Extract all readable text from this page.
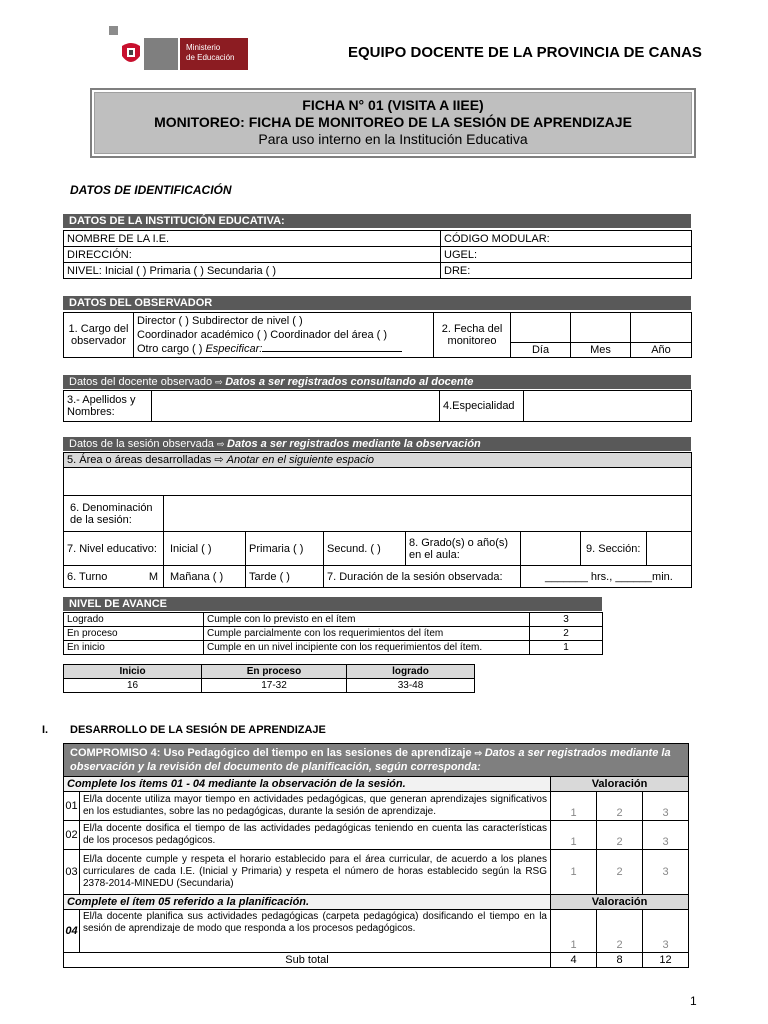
Ministerio
de Educación	EQUIPO DOCENTE DE LA PROVINCIA DE CANAS
FICHA N° 01 (VISITA A IIEE)
MONITOREO: FICHA DE MONITOREO DE LA SESIÓN DE APRENDIZAJE
Para uso interno en la Institución Educativa
DATOS DE IDENTIFICACIÓN
DATOS DE LA INSTITUCIÓN EDUCATIVA:
NOMBRE DE LA I.E.	CÓDIGO MODULAR:
DIRECCIÓN:	UGEL:
NIVEL: Inicial ( ) Primaria ( ) Secundaria ( )	DRE:
DATOS DEL OBSERVADOR
1. Cargo del observador	Director ( ) Subdirector de nivel ( )
Coordinador académico ( ) Coordinador del área ( )
Otro cargo ( ) Especificar:	2. Fecha del monitoreo			
			Día	Mes	Año
Datos del docente observado ⇨ Datos a ser registrados consultando al docente
3.- Apellidos y Nombres:		4.Especialidad	
Datos de la sesión observada ⇨ Datos a ser registrados mediante la observación
5. Área o áreas desarrolladas ⇨ Anotar en el siguiente espacio							

6. Denominación de la sesión:							
7. Nivel educativo:	Inicial ( )	Primaria ( )	Secund. ( )	8. Grado(s) o año(s) en el aula:		9. Sección:	
6. Turno M	Mañana ( )	Tarde ( )	7. Duración de la sesión observada:		_______ hrs., ______min.		
NIVEL DE AVANCE
Logrado	Cumple con lo previsto en el ítem	3
En proceso	Cumple parcialmente con los requerimientos del ítem	2
En inicio	Cumple en un nivel incipiente con los requerimientos del ítem.	1
Inicio	En proceso	logrado
16	17-32	33-48
I. DESARROLLO DE LA SESIÓN DE APRENDIZAJE
COMPROMISO 4: Uso Pedagógico del tiempo en las sesiones de aprendizaje ⇨ Datos a ser registrados mediante la observación y la revisión del documento de planificación, según corresponda:				
Complete los ítems 01 - 04 mediante la observación de la sesión.		Valoración		
01	El/la docente utiliza mayor tiempo en actividades pedagógicas, que generan aprendizajes significativos en los estudiantes, sobre las no pedagógicas, durante la sesión de aprendizaje.	1	2	3
02	El/la docente dosifica el tiempo de las actividades pedagógicas teniendo en cuenta las características de los procesos pedagógicos.	1	2	3
03	El/la docente cumple y respeta el horario establecido para el área curricular, de acuerdo a los planes curriculares de cada I.E. (Inicial y Primaria) y respeta el número de horas establecido según la RSG 2378-2014-MINEDU (Secundaria)	1	2	3
Complete el ítem 05 referido a la planificación.		Valoración		
04	El/la docente planifica sus actividades pedagógicas (carpeta pedagógica) dosificando el tiempo en la sesión de aprendizaje de modo que responda a los procesos pedagógicos.	1	2	3
Sub total		4	8	12
1
